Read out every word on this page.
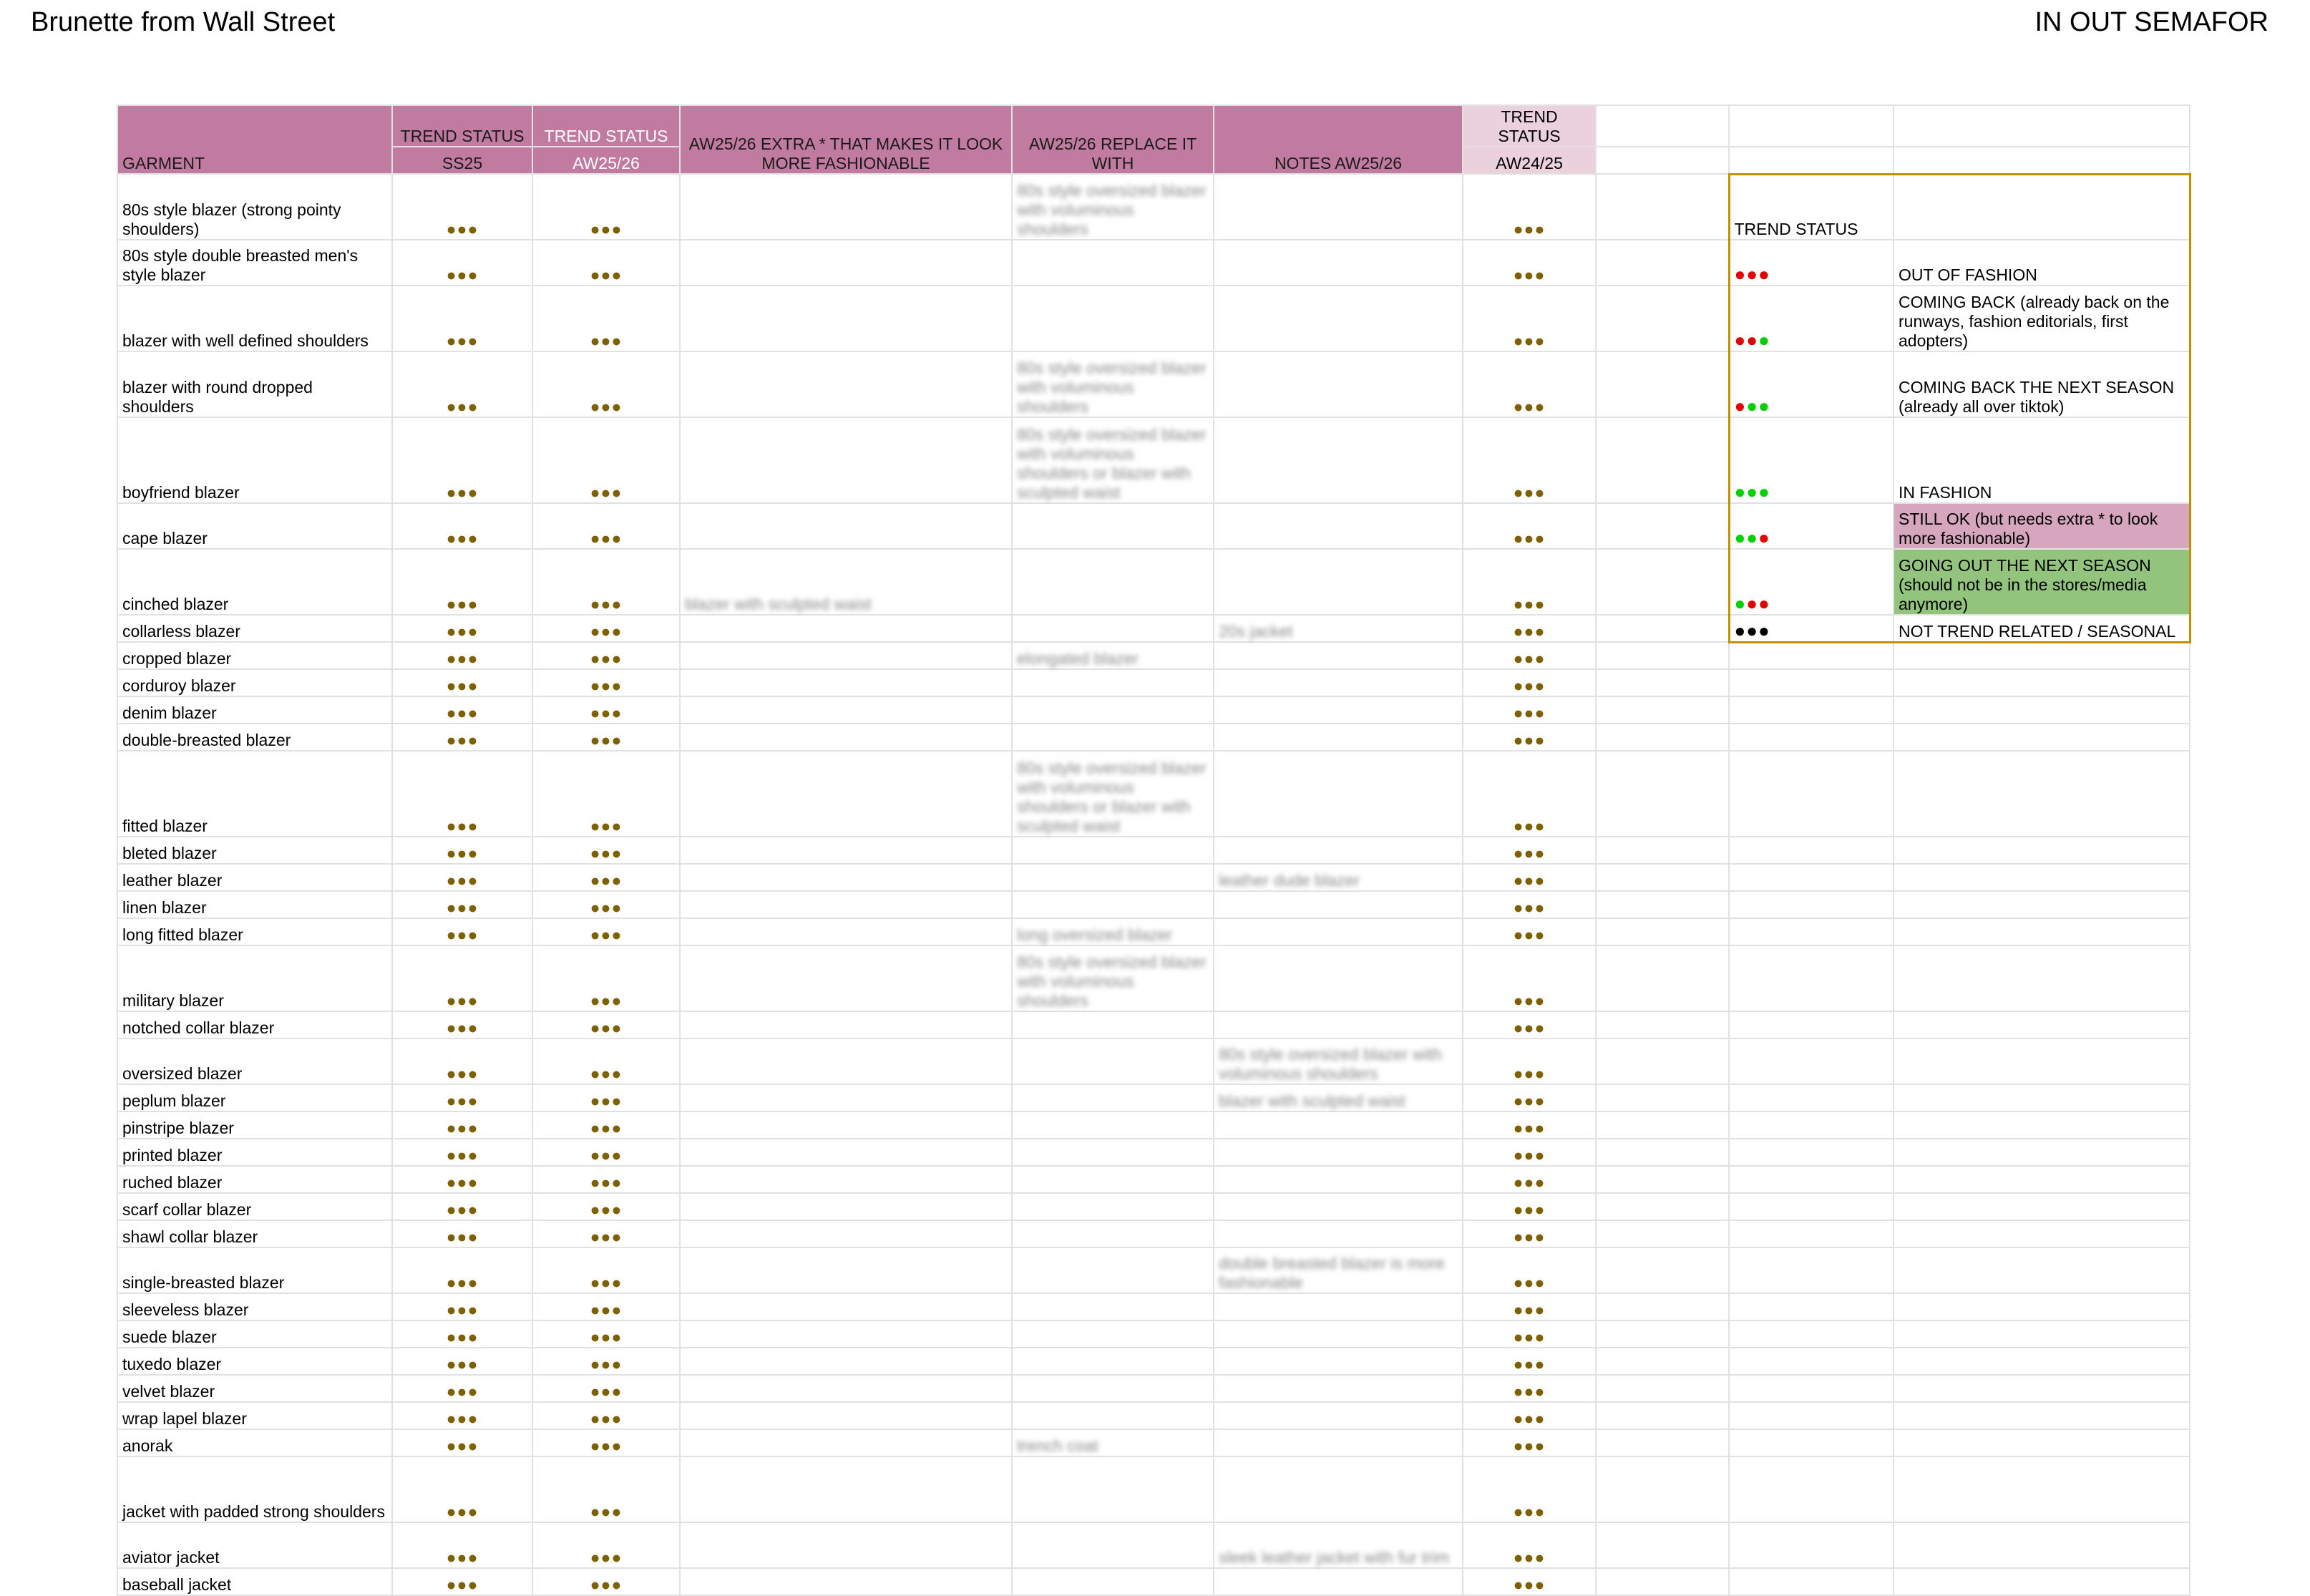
Brunette from Wall Street	IN OUT SEMAFOR
GARMENT	TREND STATUS	TREND STATUS	AW25/26 EXTRA * THAT MAKES IT LOOK MORE FASHIONABLE	AW25/26 REPLACE IT WITH	NOTES AW25/26	TREND STATUS			
	SS25	AW25/26				AW24/25			
80s style blazer (strong pointy shoulders)	●●●	●●●		80s style oversized blazer with voluminous shoulders		●●●		TREND STATUS	
80s style double breasted men's style blazer	●●●	●●●				●●●		●●●	OUT OF FASHION
blazer with well defined shoulders	●●●	●●●				●●●		●●●	COMING BACK (already back on the runways, fashion editorials, first adopters)
blazer with round dropped shoulders	●●●	●●●		80s style oversized blazer with voluminous shoulders		●●●		●●●	COMING BACK THE NEXT SEASON (already all over tiktok)
boyfriend blazer	●●●	●●●		80s style oversized blazer with voluminous shoulders or blazer with sculpted waist		●●●		●●●	IN FASHION
cape blazer	●●●	●●●				●●●		●●●	STILL OK (but needs extra * to look more fashionable)
cinched blazer	●●●	●●●	blazer with sculpted waist			●●●		●●●	GOING OUT THE NEXT SEASON (should not be in the stores/media anymore)
collarless blazer	●●●	●●●			20s jacket	●●●		●●●	NOT TREND RELATED / SEASONAL
cropped blazer	●●●	●●●		elongated blazer		●●●			
corduroy blazer	●●●	●●●				●●●			
denim blazer	●●●	●●●				●●●			
double-breasted blazer	●●●	●●●				●●●			
fitted blazer	●●●	●●●		80s style oversized blazer with voluminous shoulders or blazer with sculpted waist		●●●			
bleted blazer	●●●	●●●				●●●			
leather blazer	●●●	●●●			leather dude blazer	●●●			
linen blazer	●●●	●●●				●●●			
long fitted blazer	●●●	●●●		long oversized blazer		●●●			
military blazer	●●●	●●●		80s style oversized blazer with voluminous shoulders		●●●			
notched collar blazer	●●●	●●●				●●●			
oversized blazer	●●●	●●●			80s style oversized blazer with voluminous shoulders	●●●			
peplum blazer	●●●	●●●			blazer with sculpted waist	●●●			
pinstripe blazer	●●●	●●●				●●●			
printed blazer	●●●	●●●				●●●			
ruched blazer	●●●	●●●				●●●			
scarf collar blazer	●●●	●●●				●●●			
shawl collar blazer	●●●	●●●				●●●			
single-breasted blazer	●●●	●●●			double breasted blazer is more fashionable	●●●			
sleeveless blazer	●●●	●●●				●●●			
suede blazer	●●●	●●●				●●●			
tuxedo blazer	●●●	●●●				●●●			
velvet blazer	●●●	●●●				●●●			
wrap lapel blazer	●●●	●●●				●●●			
anorak	●●●	●●●		trench coat		●●●			
jacket with padded strong shoulders	●●●	●●●				●●●			
aviator jacket	●●●	●●●			sleek leather jacket with fur trim	●●●			
baseball jacket	●●●	●●●				●●●			
